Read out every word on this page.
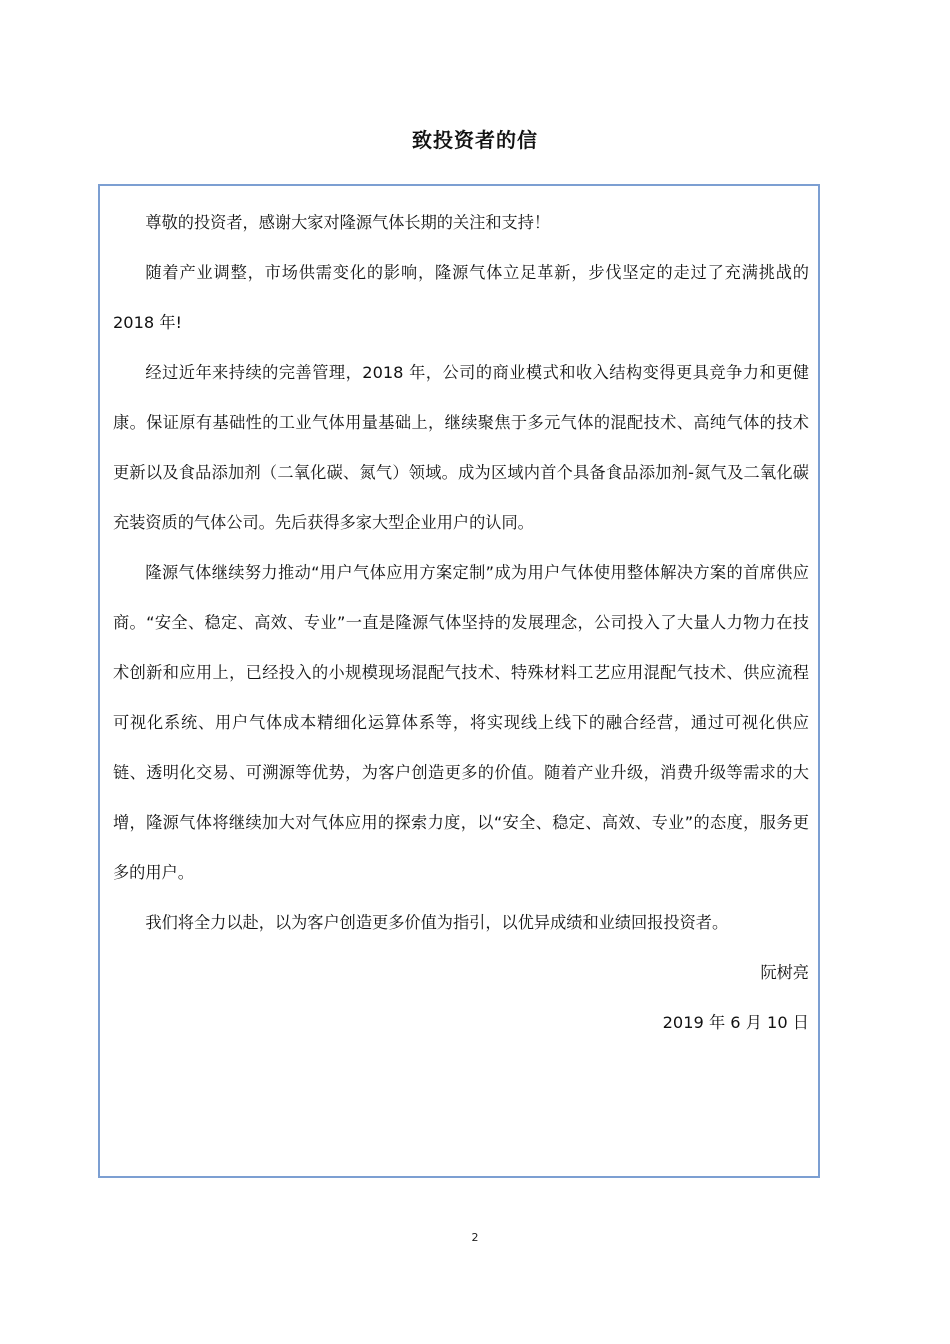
致投资者的信

尊敬的投资者，感谢大家对隆源气体长期的关注和支持！

随着产业调整，市场供需变化的影响，隆源气体立足革新，步伐坚定的走过了充满挑战的 2018 年!

经过近年来持续的完善管理，2018 年，公司的商业模式和收入结构变得更具竞争力和更健康。保证原有基础性的工业气体用量基础上，继续聚焦于多元气体的混配技术、高纯气体的技术更新以及食品添加剂（二氧化碳、氮气）领域。成为区域内首个具备食品添加剂-氮气及二氧化碳充装资质的气体公司。先后获得多家大型企业用户的认同。

隆源气体继续努力推动“用户气体应用方案定制”成为用户气体使用整体解决方案的首席供应商。“安全、稳定、高效、专业”一直是隆源气体坚持的发展理念，公司投入了大量人力物力在技术创新和应用上，已经投入的小规模现场混配气技术、特殊材料工艺应用混配气技术、供应流程可视化系统、用户气体成本精细化运算体系等，将实现线上线下的融合经营，通过可视化供应链、透明化交易、可溯源等优势，为客户创造更多的价值。随着产业升级，消费升级等需求的大增，隆源气体将继续加大对气体应用的探索力度，以“安全、稳定、高效、专业”的态度，服务更多的用户。

我们将全力以赴，以为客户创造更多价值为指引，以优异成绩和业绩回报投资者。

阮树亮

2019 年 6 月 10 日

2
